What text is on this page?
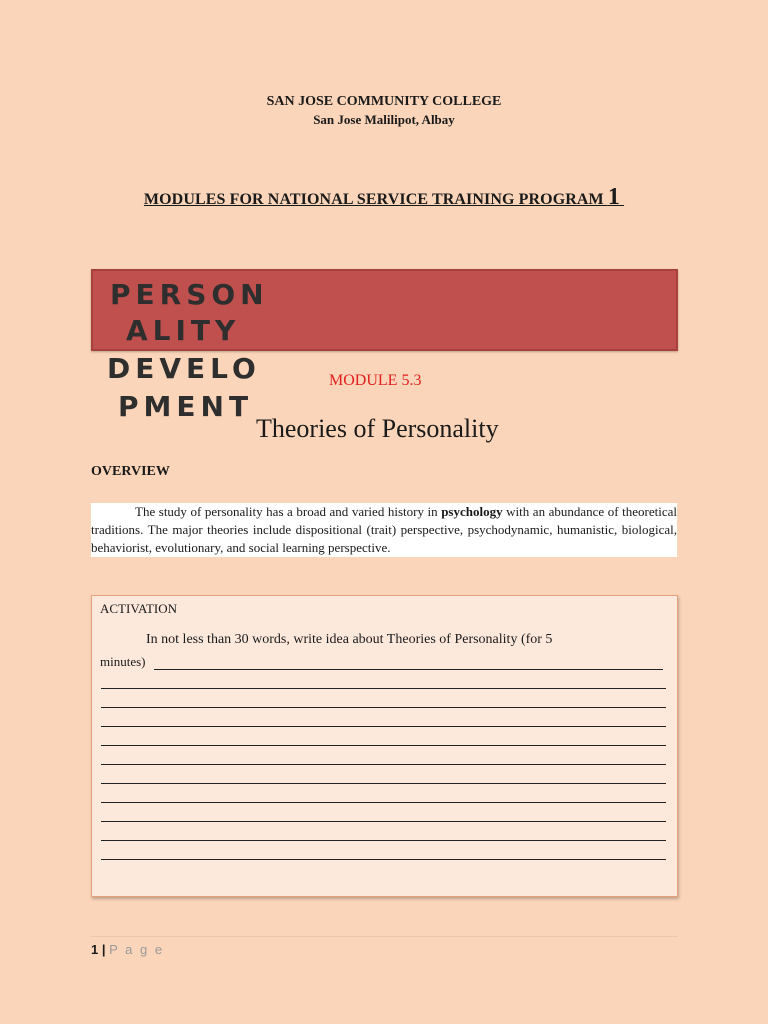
SAN JOSE COMMUNITY COLLEGE
San Jose Malilipot, Albay
MODULES FOR NATIONAL SERVICE TRAINING PROGRAM 1
PERSON
ALITY
DEVELO
PMENT
MODULE 5.3
Theories of Personality
OVERVIEW
The study of personality has a broad and varied history in psychology with an abundance of theoretical traditions. The major theories include dispositional (trait) perspective, psychodynamic, humanistic, biological, behaviorist, evolutionary, and social learning perspective.
ACTIVATION
In not less than 30 words, write idea about Theories of Personality (for 5
minutes)
1 | P a g e
